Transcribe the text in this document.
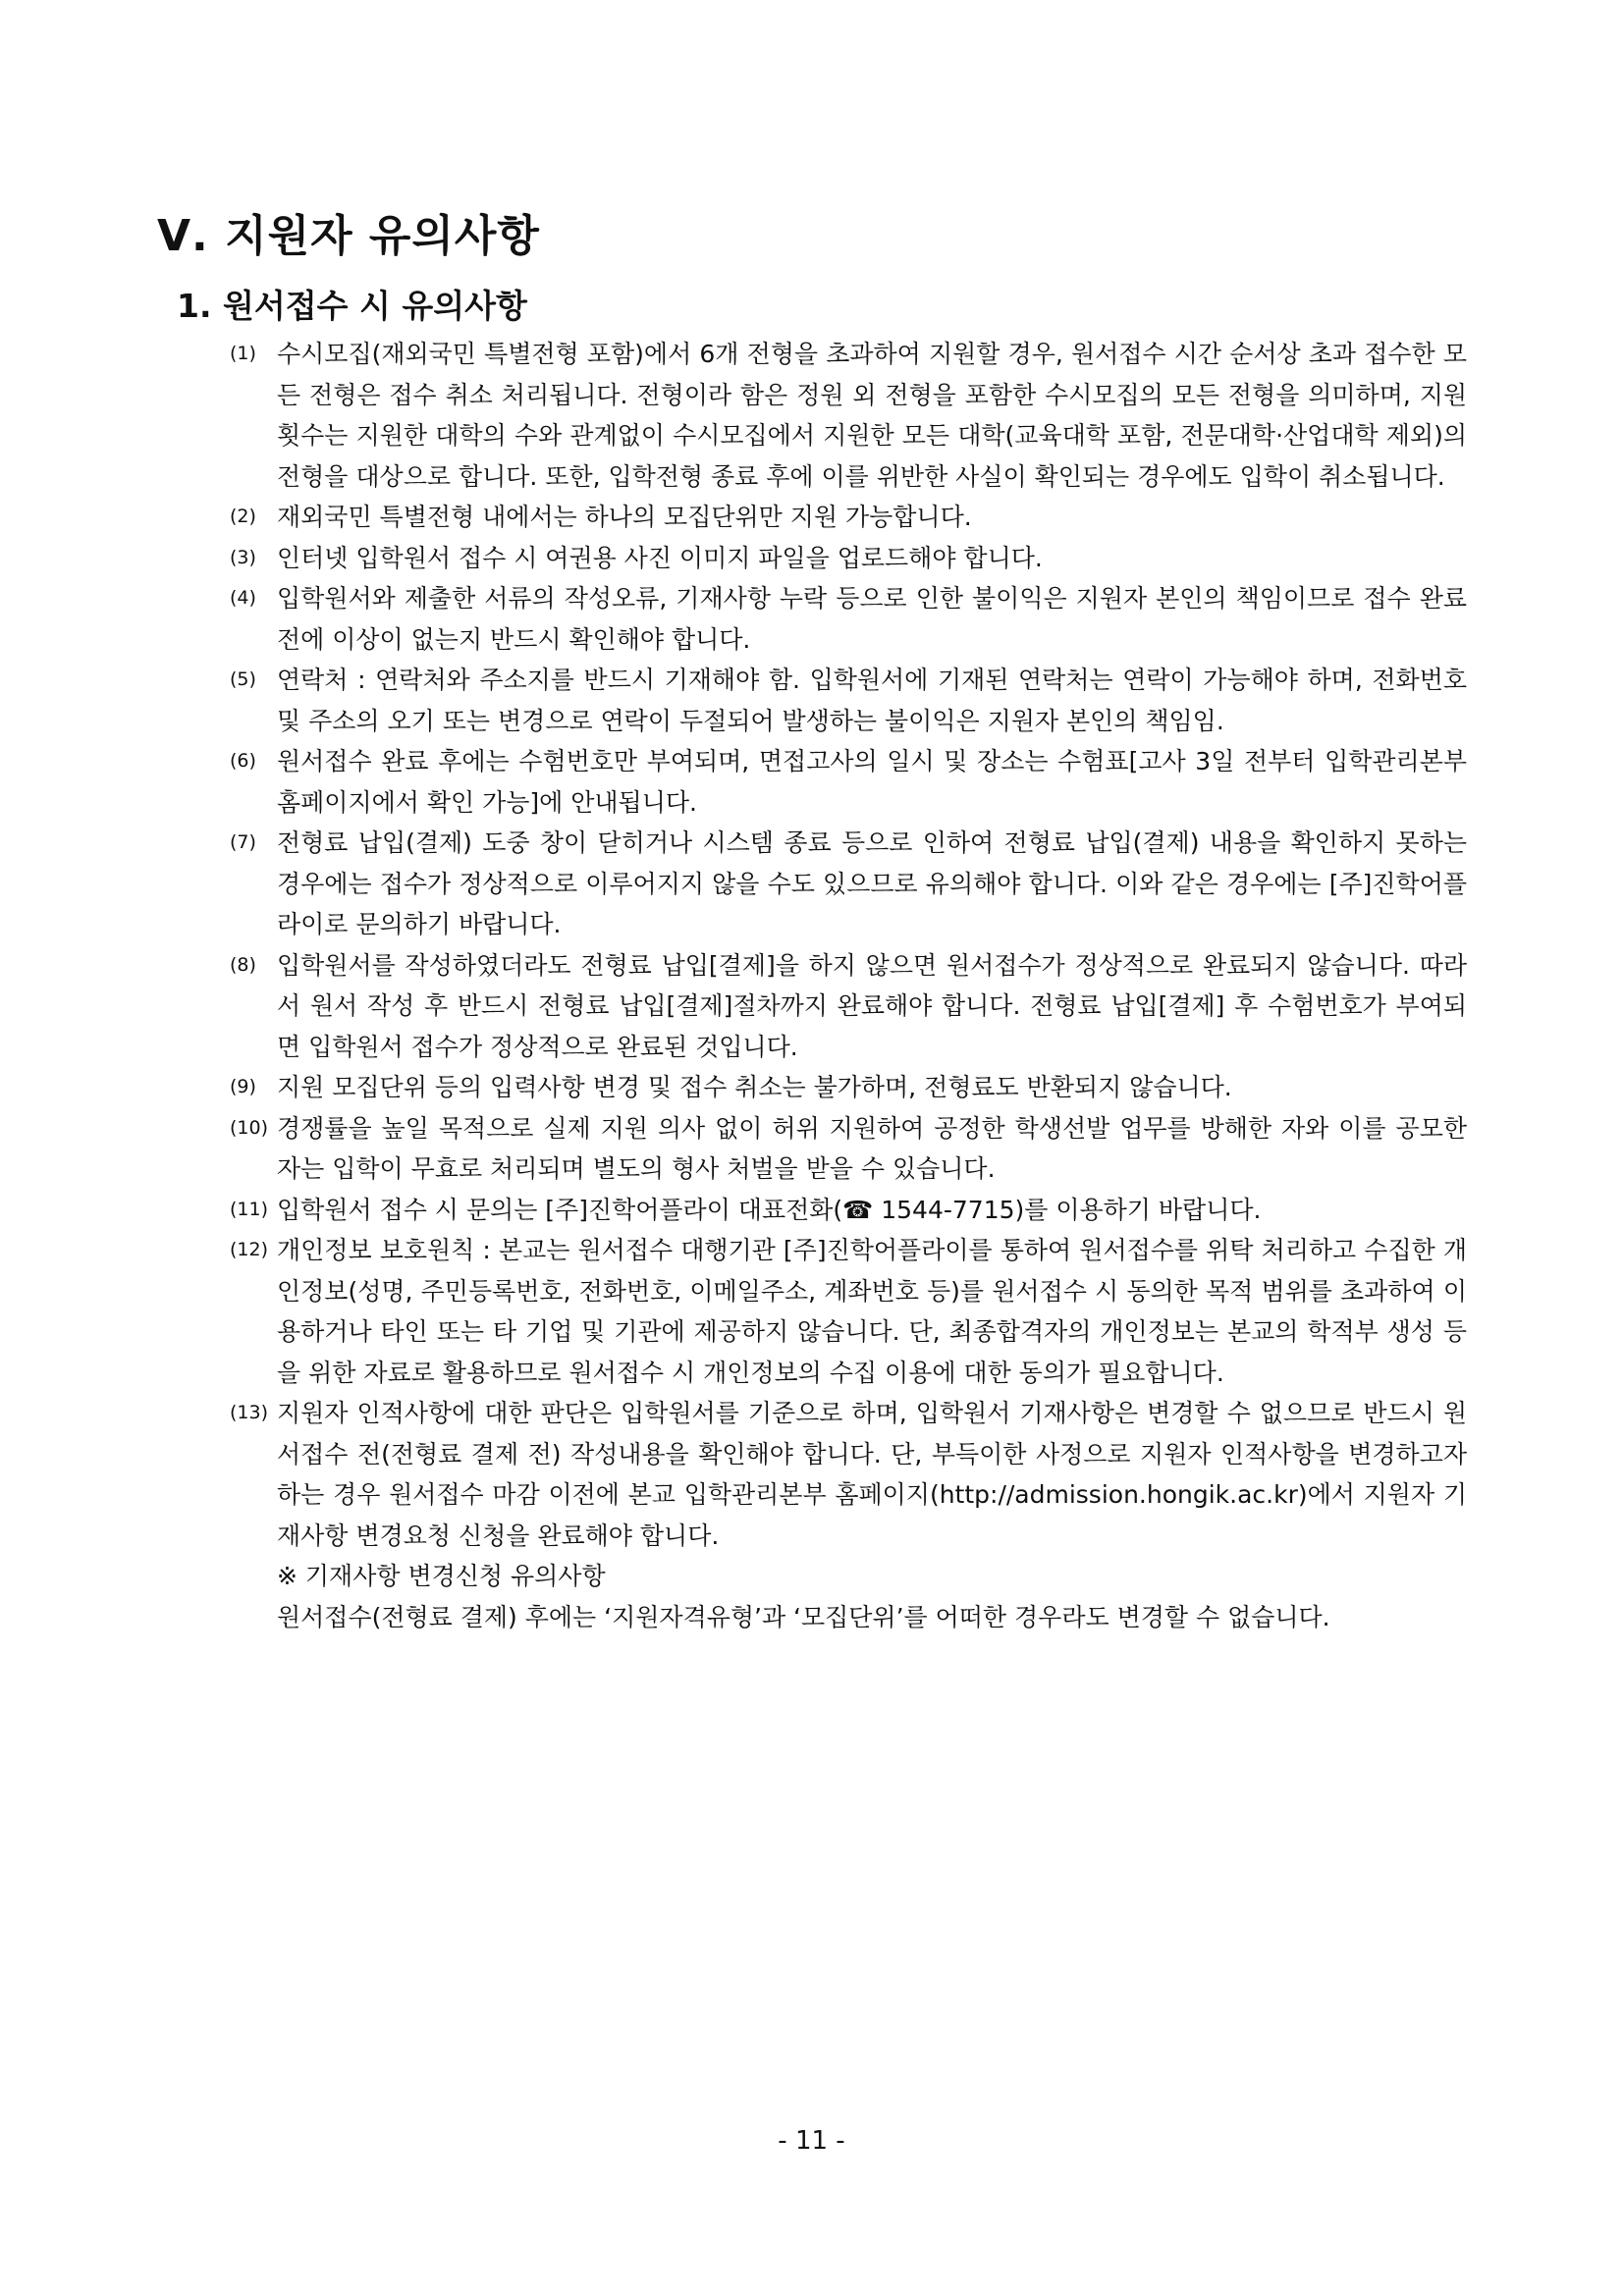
Ⅴ. 지원자 유의사항
1. 원서접수 시 유의사항
(1) 수시모집(재외국민 특별전형 포함)에서 6개 전형을 초과하여 지원할 경우, 원서접수 시간 순서상 초과 접수한 모든 전형은 접수 취소 처리됩니다. 전형이라 함은 정원 외 전형을 포함한 수시모집의 모든 전형을 의미하며, 지원 횟수는 지원한 대학의 수와 관계없이 수시모집에서 지원한 모든 대학(교육대학 포함, 전문대학·산업대학 제외)의 전형을 대상으로 합니다. 또한, 입학전형 종료 후에 이를 위반한 사실이 확인되는 경우에도 입학이 취소됩니다.
(2) 재외국민 특별전형 내에서는 하나의 모집단위만 지원 가능합니다.
(3) 인터넷 입학원서 접수 시 여권용 사진 이미지 파일을 업로드해야 합니다.
(4) 입학원서와 제출한 서류의 작성오류, 기재사항 누락 등으로 인한 불이익은 지원자 본인의 책임이므로 접수 완료 전에 이상이 없는지 반드시 확인해야 합니다.
(5) 연락처 : 연락처와 주소지를 반드시 기재해야 함. 입학원서에 기재된 연락처는 연락이 가능해야 하며, 전화번호 및 주소의 오기 또는 변경으로 연락이 두절되어 발생하는 불이익은 지원자 본인의 책임임.
(6) 원서접수 완료 후에는 수험번호만 부여되며, 면접고사의 일시 및 장소는 수험표[고사 3일 전부터 입학관리본부 홈페이지에서 확인 가능]에 안내됩니다.
(7) 전형료 납입(결제) 도중 창이 닫히거나 시스템 종료 등으로 인하여 전형료 납입(결제) 내용을 확인하지 못하는 경우에는 접수가 정상적으로 이루어지지 않을 수도 있으므로 유의해야 합니다. 이와 같은 경우에는 [주]진학어플라이로 문의하기 바랍니다.
(8) 입학원서를 작성하였더라도 전형료 납입[결제]을 하지 않으면 원서접수가 정상적으로 완료되지 않습니다. 따라서 원서 작성 후 반드시 전형료 납입[결제]절차까지 완료해야 합니다. 전형료 납입[결제] 후 수험번호가 부여되면 입학원서 접수가 정상적으로 완료된 것입니다.
(9) 지원 모집단위 등의 입력사항 변경 및 접수 취소는 불가하며, 전형료도 반환되지 않습니다.
(10) 경쟁률을 높일 목적으로 실제 지원 의사 없이 허위 지원하여 공정한 학생선발 업무를 방해한 자와 이를 공모한 자는 입학이 무효로 처리되며 별도의 형사 처벌을 받을 수 있습니다.
(11) 입학원서 접수 시 문의는 [주]진학어플라이 대표전화(☎ 1544-7715)를 이용하기 바랍니다.
(12) 개인정보 보호원칙 : 본교는 원서접수 대행기관 [주]진학어플라이를 통하여 원서접수를 위탁 처리하고 수집한 개인정보(성명, 주민등록번호, 전화번호, 이메일주소, 계좌번호 등)를 원서접수 시 동의한 목적 범위를 초과하여 이용하거나 타인 또는 타 기업 및 기관에 제공하지 않습니다. 단, 최종합격자의 개인정보는 본교의 학적부 생성 등을 위한 자료로 활용하므로 원서접수 시 개인정보의 수집 이용에 대한 동의가 필요합니다.
(13) 지원자 인적사항에 대한 판단은 입학원서를 기준으로 하며, 입학원서 기재사항은 변경할 수 없으므로 반드시 원서접수 전(전형료 결제 전) 작성내용을 확인해야 합니다. 단, 부득이한 사정으로 지원자 인적사항을 변경하고자 하는 경우 원서접수 마감 이전에 본교 입학관리본부 홈페이지(http://admission.hongik.ac.kr)에서 지원자 기재사항 변경요청 신청을 완료해야 합니다.
※ 기재사항 변경신청 유의사항
원서접수(전형료 결제) 후에는 ‘지원자격유형’과 ‘모집단위’를 어떠한 경우라도 변경할 수 없습니다.

- 11 -
